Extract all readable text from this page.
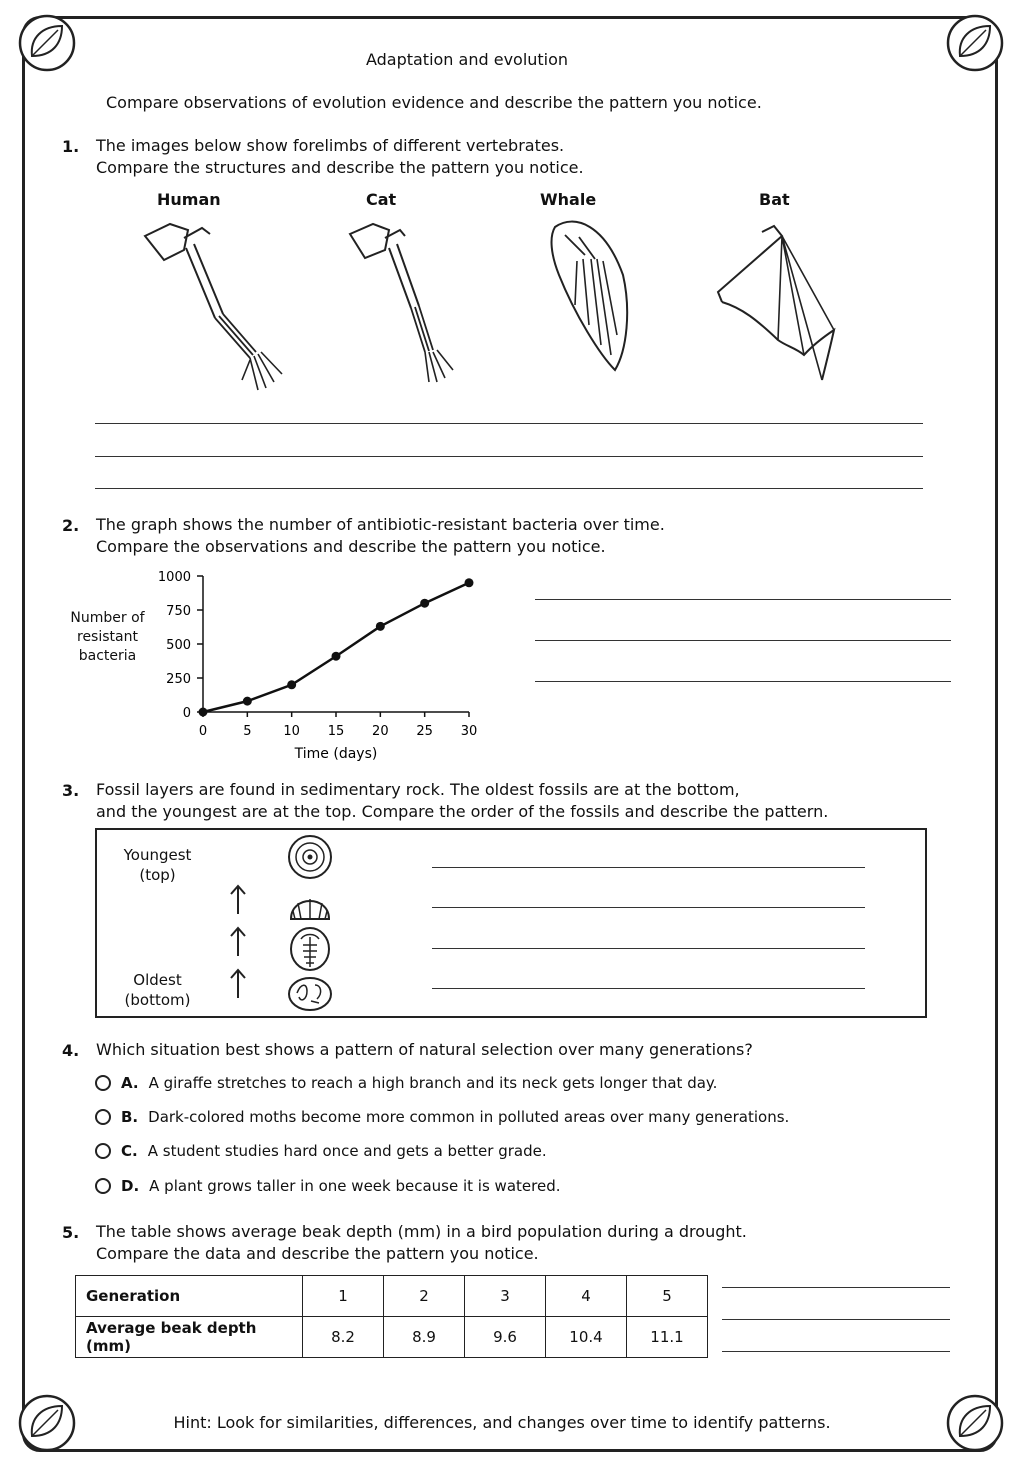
Adaptation and evolution
Compare observations of evolution evidence and describe the pattern you notice.
1. The images below show forelimbs of different vertebrates.
Compare the structures and describe the pattern you notice.
Human	Cat	Whale	Bat
2. The graph shows the number of antibiotic-resistant bacteria over time.
Compare the observations and describe the pattern you notice.
Number of resistant bacteria
0
250
500
750
1000
0	5 10 15 20 25 30
Time (days)
3. Fossil layers are found in sedimentary rock. The oldest fossils are at the bottom,
and the youngest are at the top. Compare the order of the fossils and describe the pattern.
Youngest
(top)
Oldest
(bottom)
4. Which situation best shows a pattern of natural selection over many generations?
A. A giraffe stretches to reach a high branch and its neck gets longer that day.
B. Dark-colored moths become more common in polluted areas over many generations.
C. A student studies hard once and gets a better grade.
D. A plant grows taller in one week because it is watered.
5. The table shows average beak depth (mm) in a bird population during a drought.
Compare the data and describe the pattern you notice.
Generation	1	2	3	4	5
Average beak depth (mm)	8.2	8.9	9.6	10.4	11.1
Hint: Look for similarities, differences, and changes over time to identify patterns.
